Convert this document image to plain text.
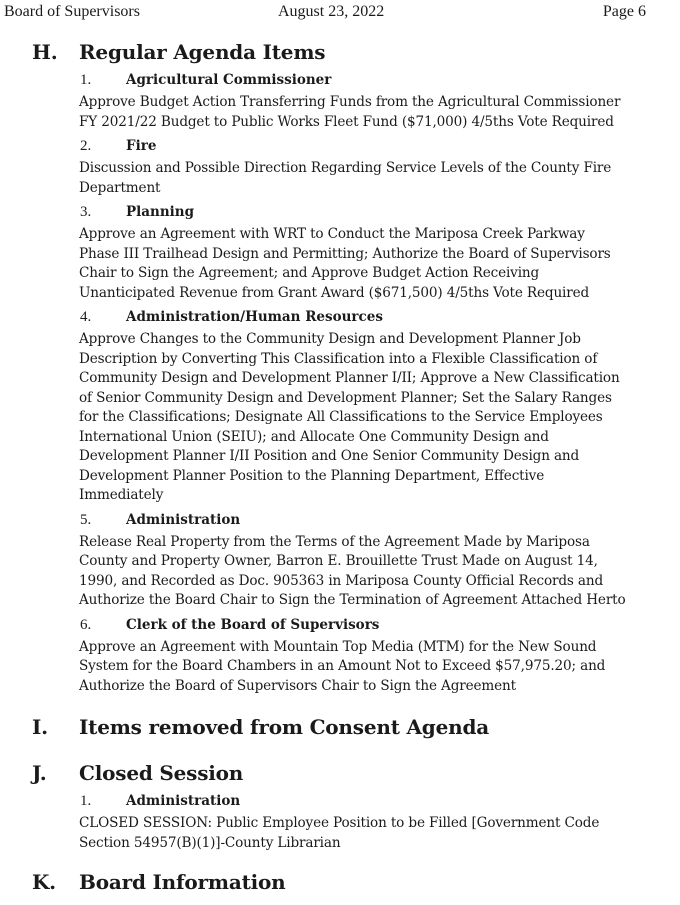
Board of Supervisors	August 23, 2022	Page 6
H. Regular Agenda Items
1.	Agricultural Commissioner
Approve Budget Action Transferring Funds from the Agricultural Commissioner
FY 2021/22 Budget to Public Works Fleet Fund ($71,000) 4/5ths Vote Required
2.	Fire
Discussion and Possible Direction Regarding Service Levels of the County Fire
Department
3.	Planning
Approve an Agreement with WRT to Conduct the Mariposa Creek Parkway
Phase III Trailhead Design and Permitting; Authorize the Board of Supervisors
Chair to Sign the Agreement; and Approve Budget Action Receiving
Unanticipated Revenue from Grant Award ($671,500) 4/5ths Vote Required
4.	Administration/Human Resources
Approve Changes to the Community Design and Development Planner Job
Description by Converting This Classification into a Flexible Classification of
Community Design and Development Planner I/II; Approve a New Classification
of Senior Community Design and Development Planner; Set the Salary Ranges
for the Classifications; Designate All Classifications to the Service Employees
International Union (SEIU); and Allocate One Community Design and
Development Planner I/II Position and One Senior Community Design and
Development Planner Position to the Planning Department, Effective
Immediately
5.	Administration
Release Real Property from the Terms of the Agreement Made by Mariposa
County and Property Owner, Barron E. Brouillette Trust Made on August 14,
1990, and Recorded as Doc. 905363 in Mariposa County Official Records and
Authorize the Board Chair to Sign the Termination of Agreement Attached Herto
6.	Clerk of the Board of Supervisors
Approve an Agreement with Mountain Top Media (MTM) for the New Sound
System for the Board Chambers in an Amount Not to Exceed $57,975.20; and
Authorize the Board of Supervisors Chair to Sign the Agreement
I. Items removed from Consent Agenda
J. Closed Session
1.	Administration
CLOSED SESSION: Public Employee Position to be Filled [Government Code
Section 54957(B)(1)]-County Librarian
K. Board Information
